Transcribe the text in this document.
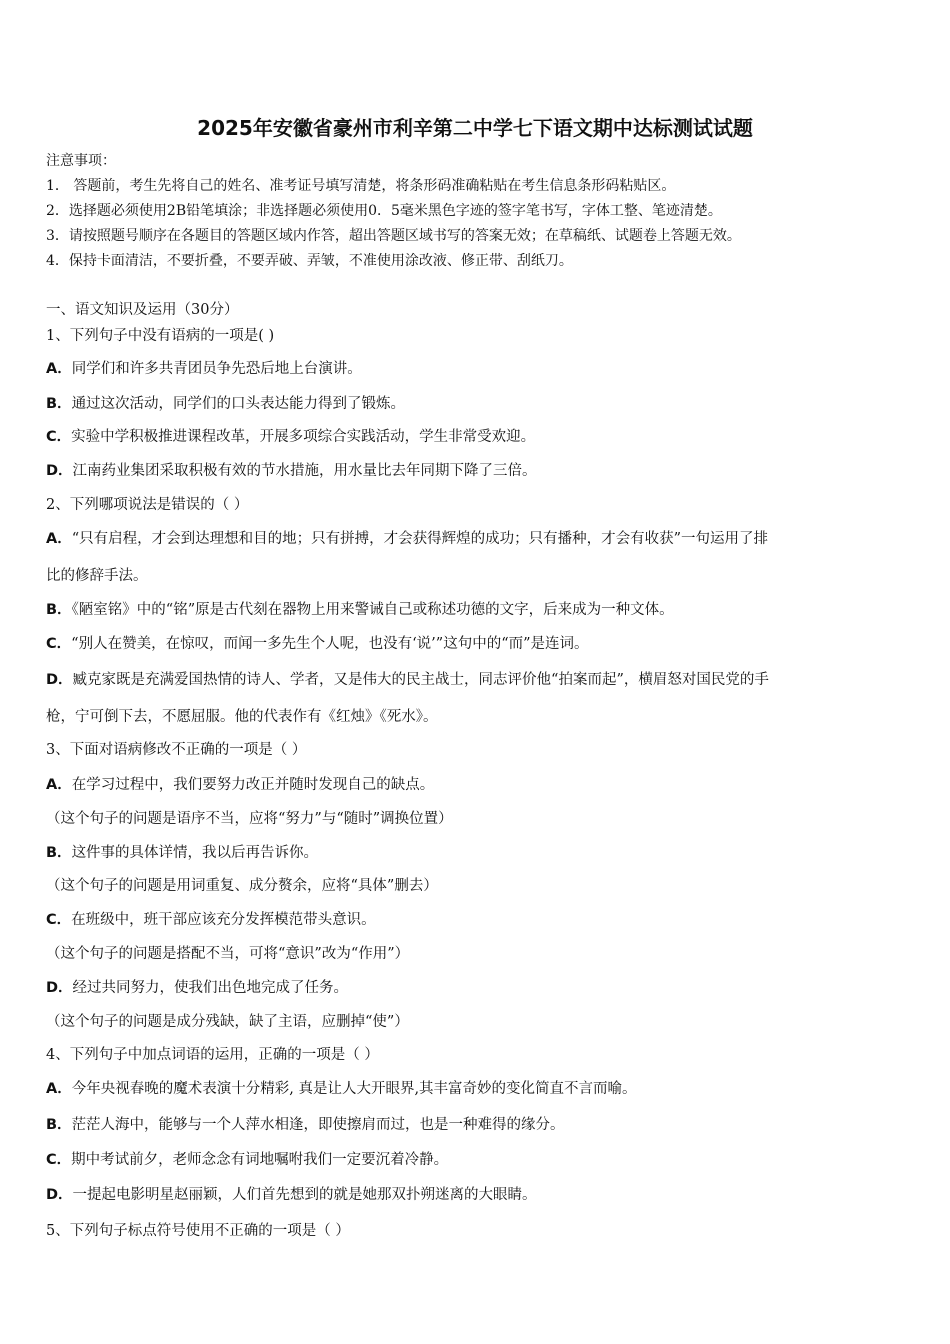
2025年安徽省豪州市利辛第二中学七下语文期中达标测试试题
注意事项：
1． 答题前，考生先将自己的姓名、准考证号填写清楚，将条形码准确粘贴在考生信息条形码粘贴区。
2．选择题必须使用2B铅笔填涂；非选择题必须使用0．5毫米黑色字迹的签字笔书写，字体工整、笔迹清楚。
3．请按照题号顺序在各题目的答题区域内作答，超出答题区域书写的答案无效；在草稿纸、试题卷上答题无效。
4．保持卡面清洁，不要折叠，不要弄破、弄皱，不准使用涂改液、修正带、刮纸刀。
一、语文知识及运用（30分）
1、下列句子中没有语病的一项是( )
A．同学们和许多共青团员争先恐后地上台演讲。
B．通过这次活动，同学们的口头表达能力得到了锻炼。
C．实验中学积极推进课程改革，开展多项综合实践活动，学生非常受欢迎。
D．江南药业集团采取积极有效的节水措施，用水量比去年同期下降了三倍。
2、下列哪项说法是错误的（ ）
A．“只有启程，才会到达理想和目的地；只有拼搏，才会获得辉煌的成功；只有播种，才会有收获”一句运用了排
比的修辞手法。
B．《陋室铭》中的“铭”原是古代刻在器物上用来警诫自己或称述功德的文字，后来成为一种文体。
C．“别人在赞美，在惊叹，而闻一多先生个人呢，也没有‘说’”这句中的“而”是连词。
D．臧克家既是充满爱国热情的诗人、学者，又是伟大的民主战士，同志评价他“拍案而起”，横眉怒对国民党的手
枪，宁可倒下去，不愿屈服。他的代表作有《红烛》《死水》。
3、下面对语病修改不正确的一项是（ ）
A．在学习过程中，我们要努力改正并随时发现自己的缺点。
（这个句子的问题是语序不当，应将“努力”与“随时”调换位置）
B．这件事的具体详情，我以后再告诉你。
（这个句子的问题是用词重复、成分赘余，应将“具体”删去）
C．在班级中，班干部应该充分发挥模范带头意识。
（这个句子的问题是搭配不当，可将“意识”改为“作用”）
D．经过共同努力，使我们出色地完成了任务。
（这个句子的问题是成分残缺，缺了主语，应删掉“使”）
4、下列句子中加点词语的运用，正确的一项是（ ）
A．今年央视春晚的魔术表演十分精彩, 真是让人大开眼界,其丰富奇妙的变化简直不言而喻。
B．茫茫人海中，能够与一个人萍水相逢，即使擦肩而过，也是一种难得的缘分。
C．期中考试前夕，老师念念有词地嘱咐我们一定要沉着冷静。
D．一提起电影明星赵丽颖，人们首先想到的就是她那双扑朔迷离的大眼睛。
5、下列句子标点符号使用不正确的一项是（ ）
